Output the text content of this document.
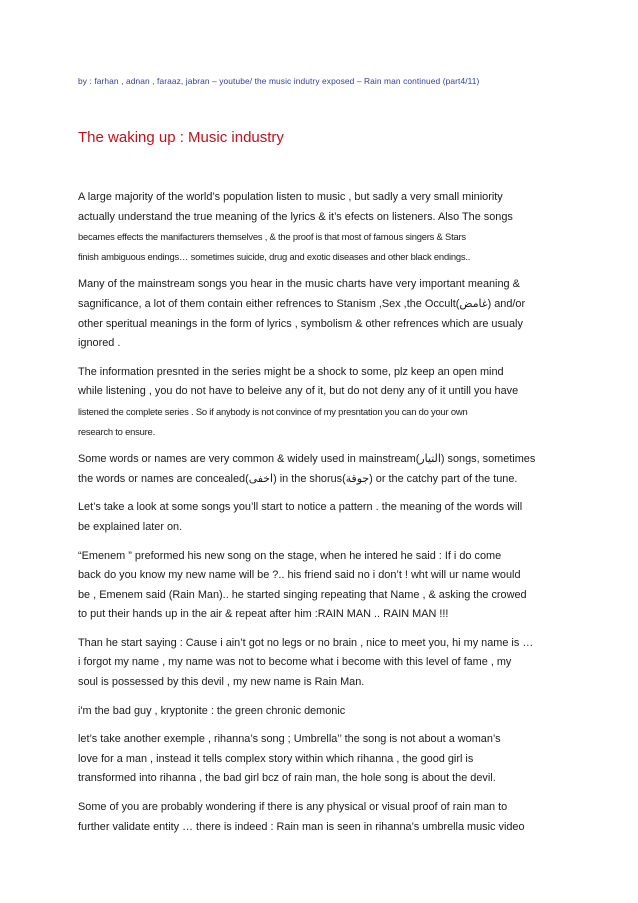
by : farhan , adnan , faraaz, jabran – youtube/ the music indutry exposed – Rain man continued (part4/11)
The waking up : Music industry

A large majority of the world’s population listen to music , but sadly a very small miniority
actually understand the true meaning of the lyrics & it’s efects on listeners. Also The songs
becames effects the manifacturers themselves , & the proof is that most of famous singers & Stars
finish ambiguous endings… sometimes suicide, drug and exotic diseases and other black endings..

Many of the mainstream songs you hear in the music charts have very important meaning &
sagnificance, a lot of them contain either refrences to Stanism ,Sex ,the Occult(غامض) and/or
other speritual meanings in the form of lyrics , symbolism & other refrences which are usualy
ignored .

The information presnted in the series might be a shock to some, plz keep an open mind
while listening , you do not have to beleive any of it, but do not deny any of it untill you have
listened the complete series . So if anybody is not convince of my presntation you can do your own
research to ensure.

Some words or names are very common & widely used in mainstream(التيار) songs, sometimes
the words or names are concealed(اخفى) in the shorus(جوقة) or the catchy part of the tune.

Let’s take a look at some songs you’ll start to notice a pattern . the meaning of the words will
be explained later on.

“Emenem ” preformed his new song on the stage, when he intered he said : If i do come
back do you know my new name will be ?.. his friend said no i don’t ! wht will ur name would
be , Emenem said (Rain Man).. he started singing repeating that Name , & asking the crowed
to put their hands up in the air & repeat after him :RAIN MAN .. RAIN MAN !!!

Than he start saying : Cause i ain’t got no legs or no brain , nice to meet you, hi my name is …
i forgot my name , my name was not to become what i become with this level of fame , my
soul is possessed by this devil , my new name is Rain Man.

i'm the bad guy , kryptonite : the green chronic demonic

let’s take another exemple , rihanna’s song ; Umbrella’’ the song is not about a woman’s
love for a man , instead it tells complex story within which rihanna , the good girl is
transformed into rihanna , the bad girl bcz of rain man, the hole song is about the devil.

Some of you are probably wondering if there is any physical or visual proof of rain man to
further validate entity … there is indeed : Rain man is seen in rihanna’s umbrella music video
